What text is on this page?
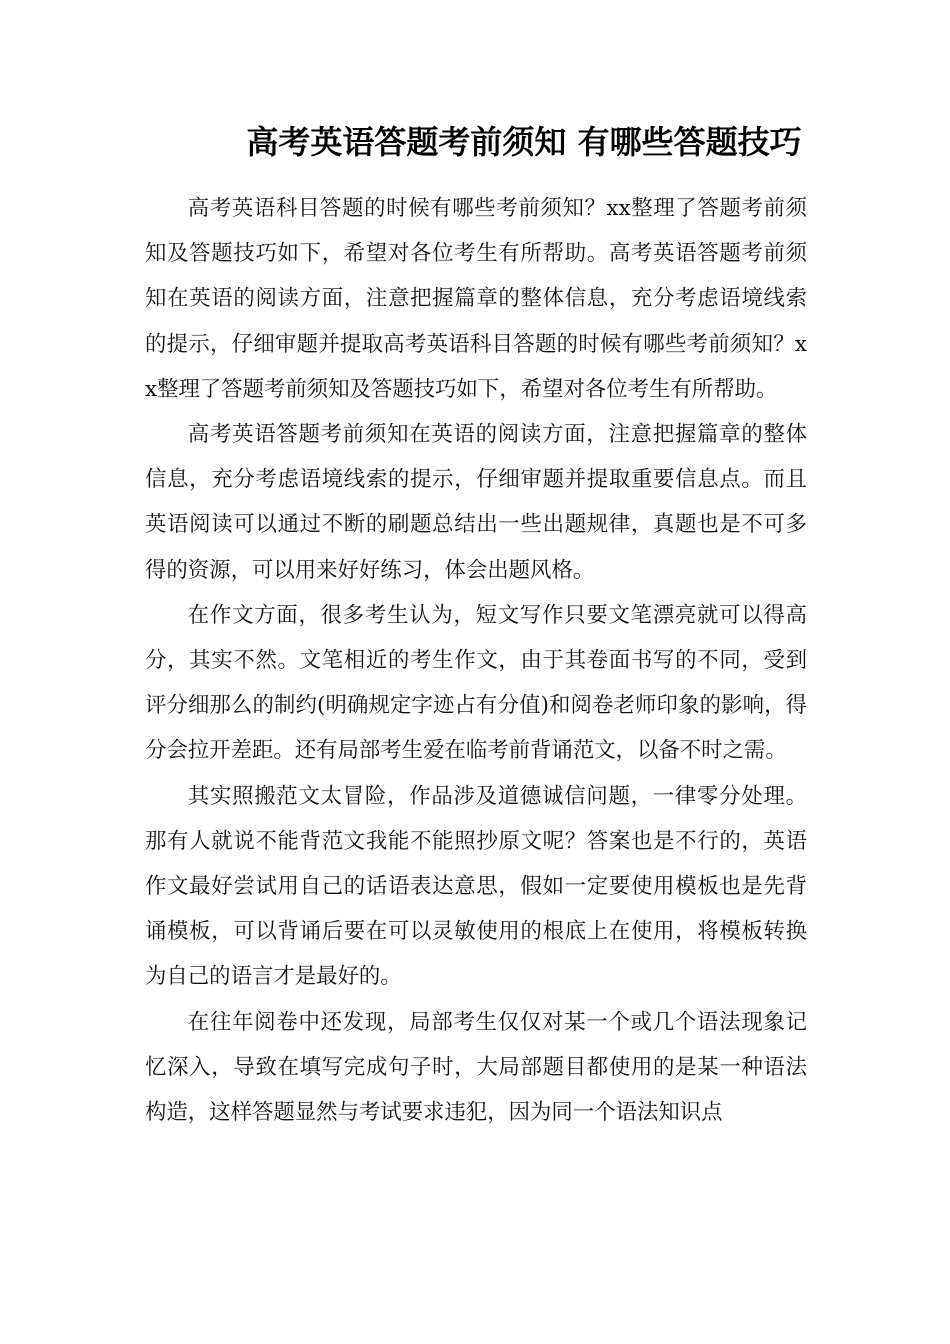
高考英语答题考前须知 有哪些答题技巧

高考英语科目答题的时候有哪些考前须知？xx整理了答题考前须知及答题技巧如下，希望对各位考生有所帮助。高考英语答题考前须知在英语的阅读方面，注意把握篇章的整体信息，充分考虑语境线索的提示，仔细审题并提取高考英语科目答题的时候有哪些考前须知？xx整理了答题考前须知及答题技巧如下，希望对各位考生有所帮助。

高考英语答题考前须知在英语的阅读方面，注意把握篇章的整体信息，充分考虑语境线索的提示，仔细审题并提取重要信息点。而且英语阅读可以通过不断的刷题总结出一些出题规律，真题也是不可多得的资源，可以用来好好练习，体会出题风格。

在作文方面，很多考生认为，短文写作只要文笔漂亮就可以得高分，其实不然。文笔相近的考生作文，由于其卷面书写的不同，受到评分细那么的制约(明确规定字迹占有分值)和阅卷老师印象的影响，得分会拉开差距。还有局部考生爱在临考前背诵范文，以备不时之需。

其实照搬范文太冒险，作品涉及道德诚信问题，一律零分处理。那有人就说不能背范文我能不能照抄原文呢？答案也是不行的，英语作文最好尝试用自己的话语表达意思，假如一定要使用模板也是先背诵模板，可以背诵后要在可以灵敏使用的根底上在使用，将模板转换为自己的语言才是最好的。

在往年阅卷中还发现，局部考生仅仅对某一个或几个语法现象记忆深入，导致在填写完成句子时，大局部题目都使用的是某一种语法构造，这样答题显然与考试要求违犯，因为同一个语法知识点
